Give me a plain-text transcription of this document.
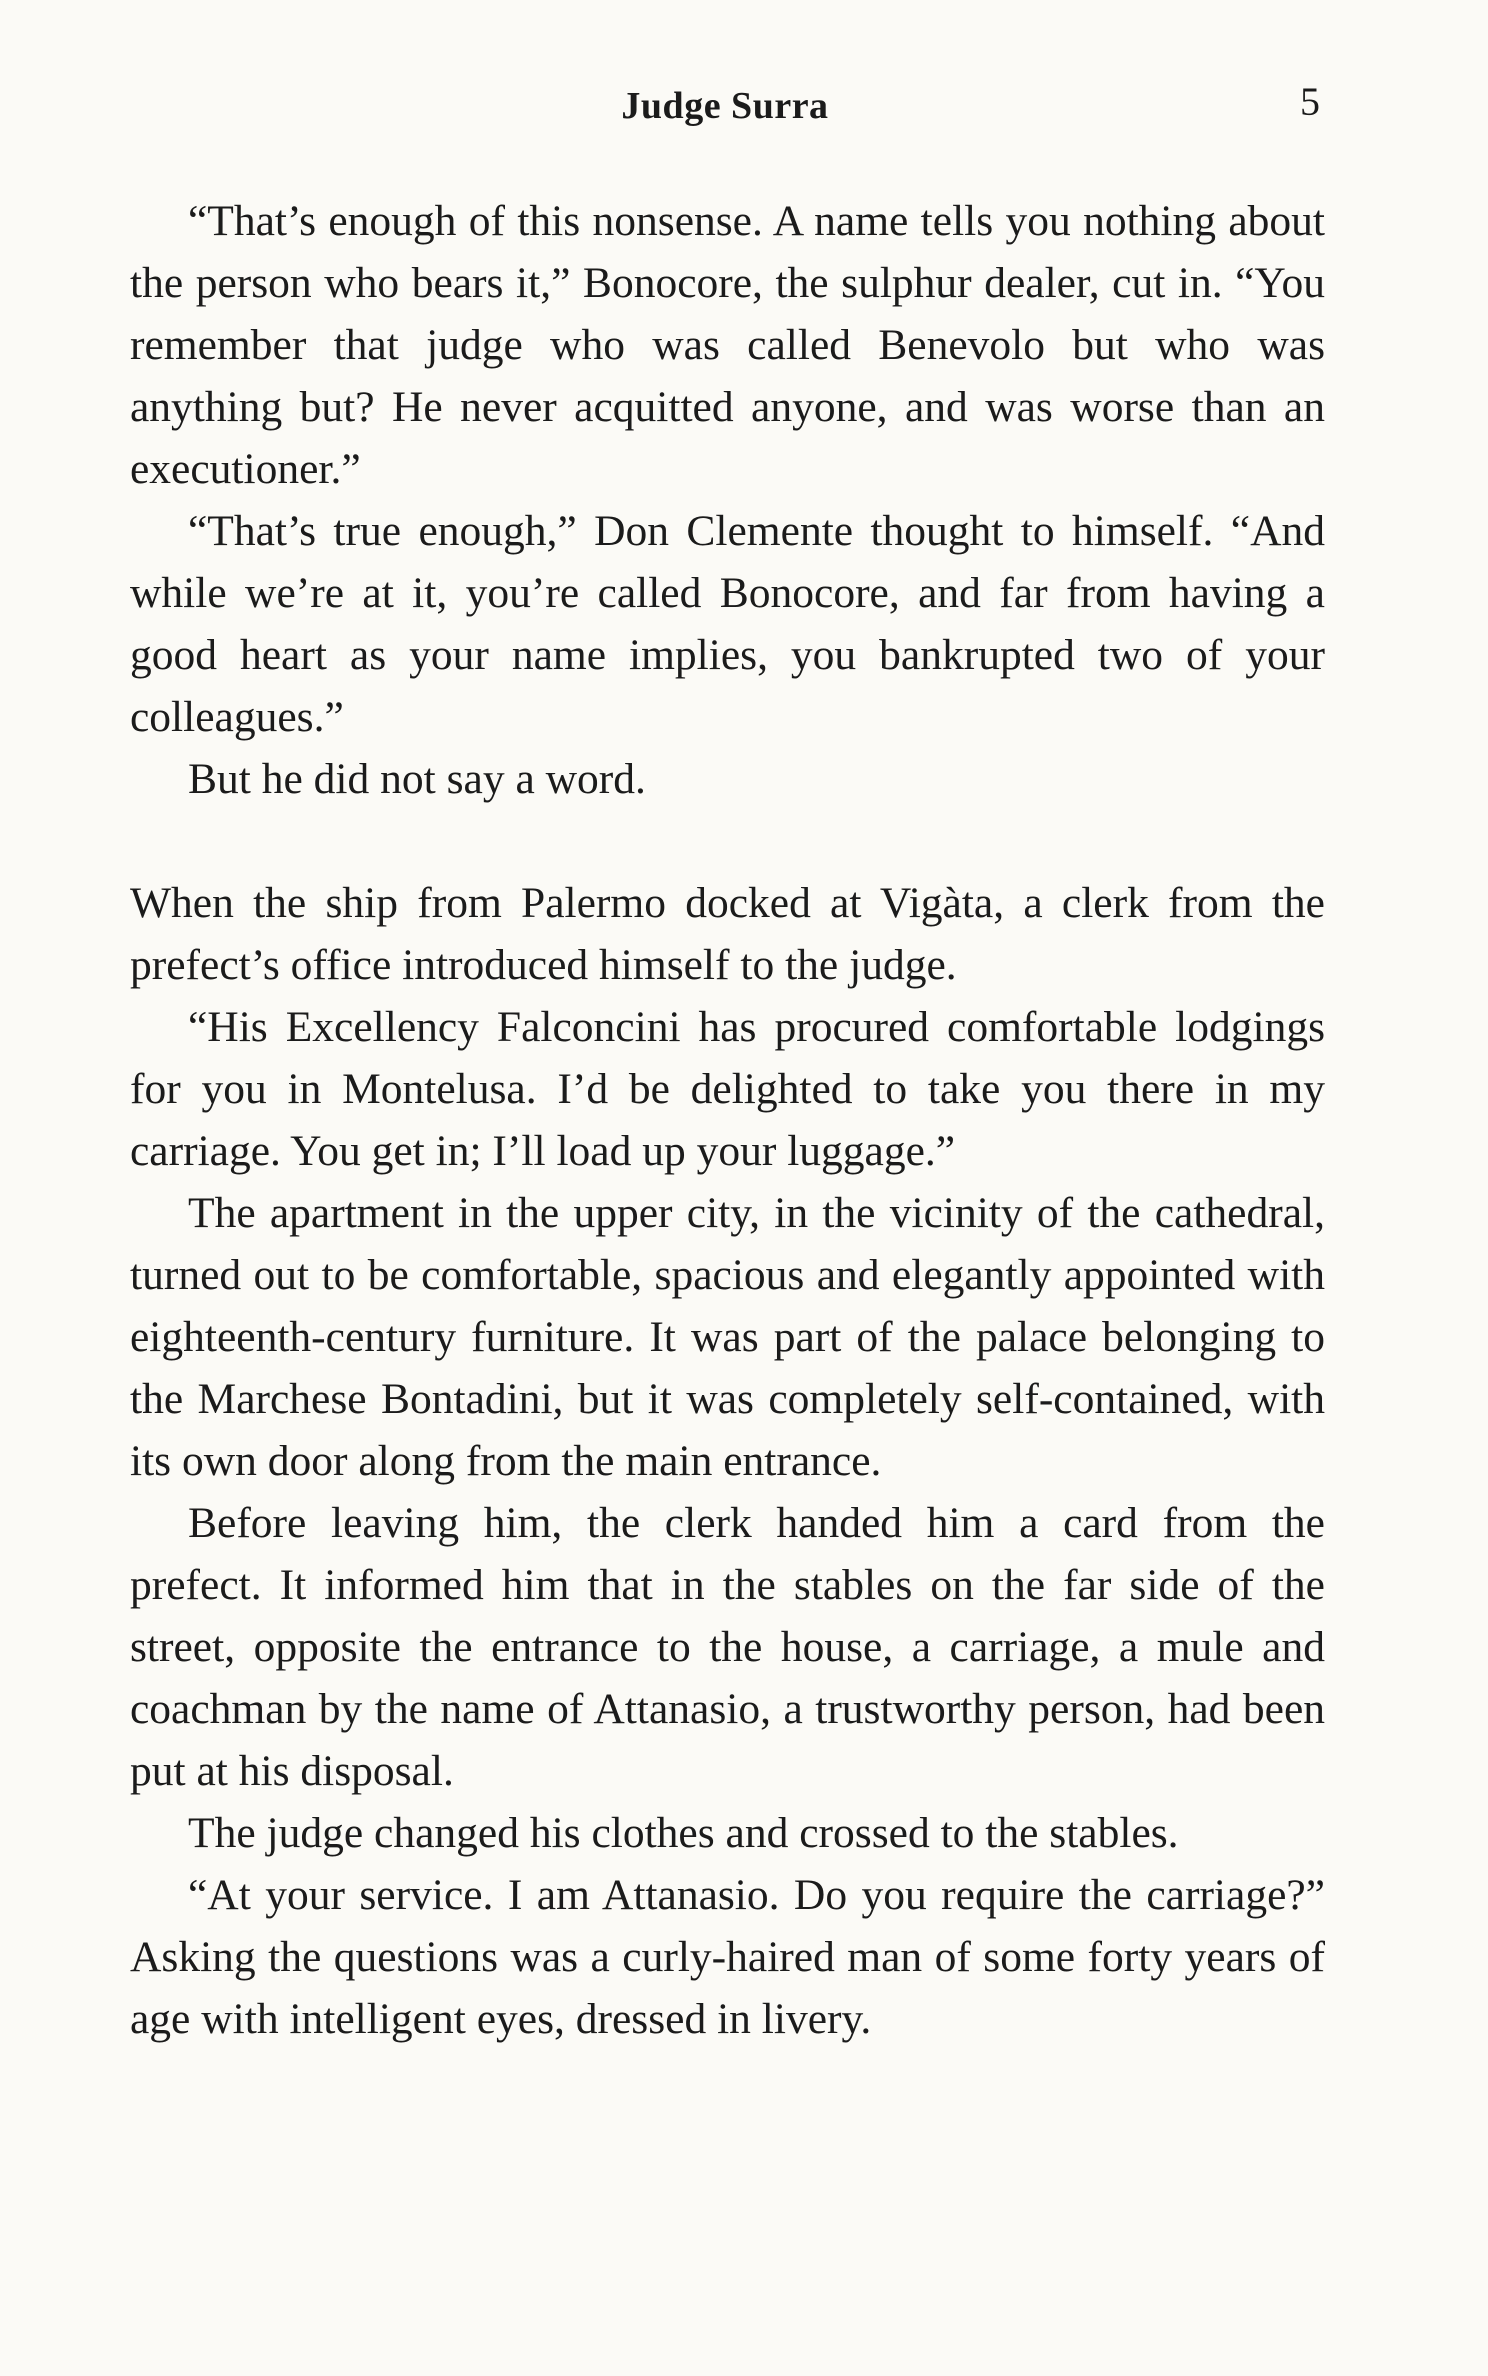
Judge Surra	5

“That’s enough of this nonsense. A name tells you nothing about the person who bears it,” Bonocore, the sulphur dealer, cut in. “You remember that judge who was called Benevolo but who was anything but? He never acquitted anyone, and was worse than an executioner.”

“That’s true enough,” Don Clemente thought to himself. “And while we’re at it, you’re called Bonocore, and far from having a good heart as your name implies, you bankrupted two of your colleagues.”

But he did not say a word.

When the ship from Palermo docked at Vigàta, a clerk from the prefect’s office introduced himself to the judge.

“His Excellency Falconcini has procured comfortable lodgings for you in Montelusa. I’d be delighted to take you there in my carriage. You get in; I’ll load up your luggage.”

The apartment in the upper city, in the vicinity of the cathedral, turned out to be comfortable, spacious and elegantly appointed with eighteenth-century furniture. It was part of the palace belonging to the Marchese Bontadini, but it was completely self-contained, with its own door along from the main entrance.

Before leaving him, the clerk handed him a card from the prefect. It informed him that in the stables on the far side of the street, opposite the entrance to the house, a carriage, a mule and coachman by the name of Attanasio, a trustworthy person, had been put at his disposal.

The judge changed his clothes and crossed to the stables.

“At your service. I am Attanasio. Do you require the carriage?” Asking the questions was a curly-haired man of some forty years of age with intelligent eyes, dressed in livery.
